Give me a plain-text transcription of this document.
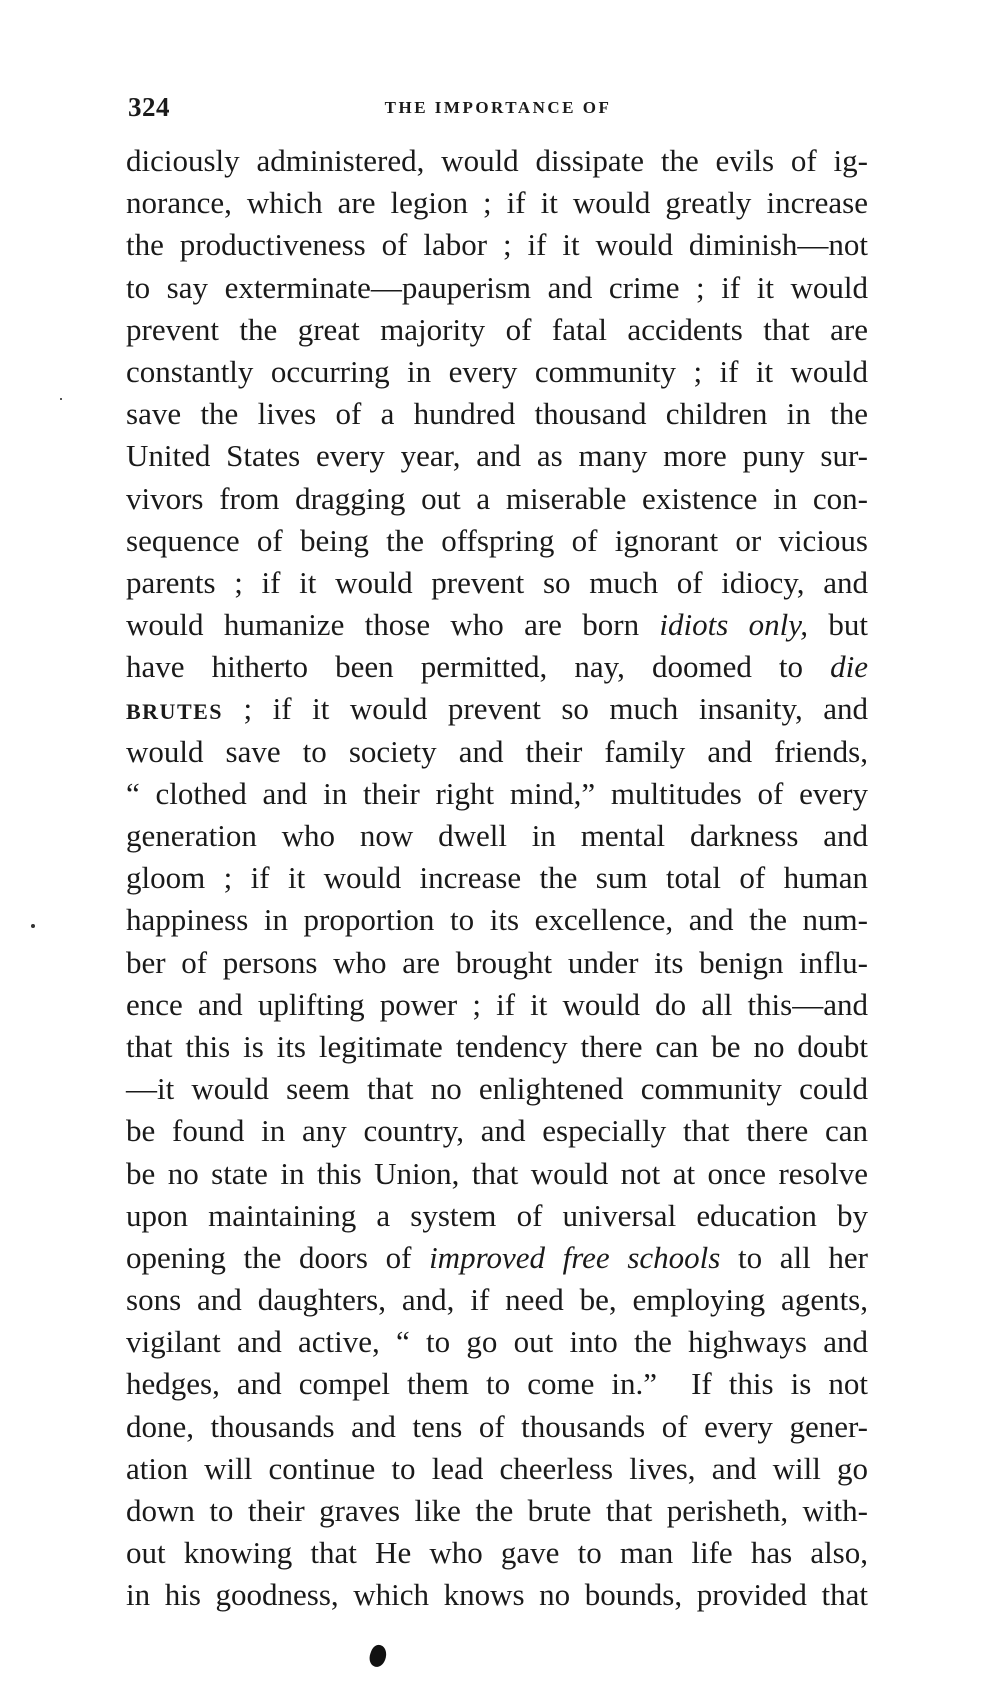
324	THE IMPORTANCE OF
diciously administered, would dissipate the evils of ig-
norance, which are legion ; if it would greatly increase
the productiveness of labor ; if it would diminish—not
to say exterminate—pauperism and crime ; if it would
prevent the great majority of fatal accidents that are
constantly occurring in every community ; if it would
save the lives of a hundred thousand children in the
United States every year, and as many more puny sur-
vivors from dragging out a miserable existence in con-
sequence of being the offspring of ignorant or vicious
parents ; if it would prevent so much of idiocy, and
would humanize those who are born idiots only, but
have hitherto been permitted, nay, doomed to die
BRUTES ; if it would prevent so much insanity, and
would save to society and their family and friends,
“ clothed and in their right mind,” multitudes of every
generation who now dwell in mental darkness and
gloom ; if it would increase the sum total of human
happiness in proportion to its excellence, and the num-
ber of persons who are brought under its benign influ-
ence and uplifting power ; if it would do all this—and
that this is its legitimate tendency there can be no doubt
—it would seem that no enlightened community could
be found in any country, and especially that there can
be no state in this Union, that would not at once resolve
upon maintaining a system of universal education by
opening the doors of improved free schools to all her
sons and daughters, and, if need be, employing agents,
vigilant and active, “ to go out into the highways and
hedges, and compel them to come in.”  If this is not
done, thousands and tens of thousands of every gener-
ation will continue to lead cheerless lives, and will go
down to their graves like the brute that perisheth, with-
out knowing that He who gave to man life has also,
in his goodness, which knows no bounds, provided that
